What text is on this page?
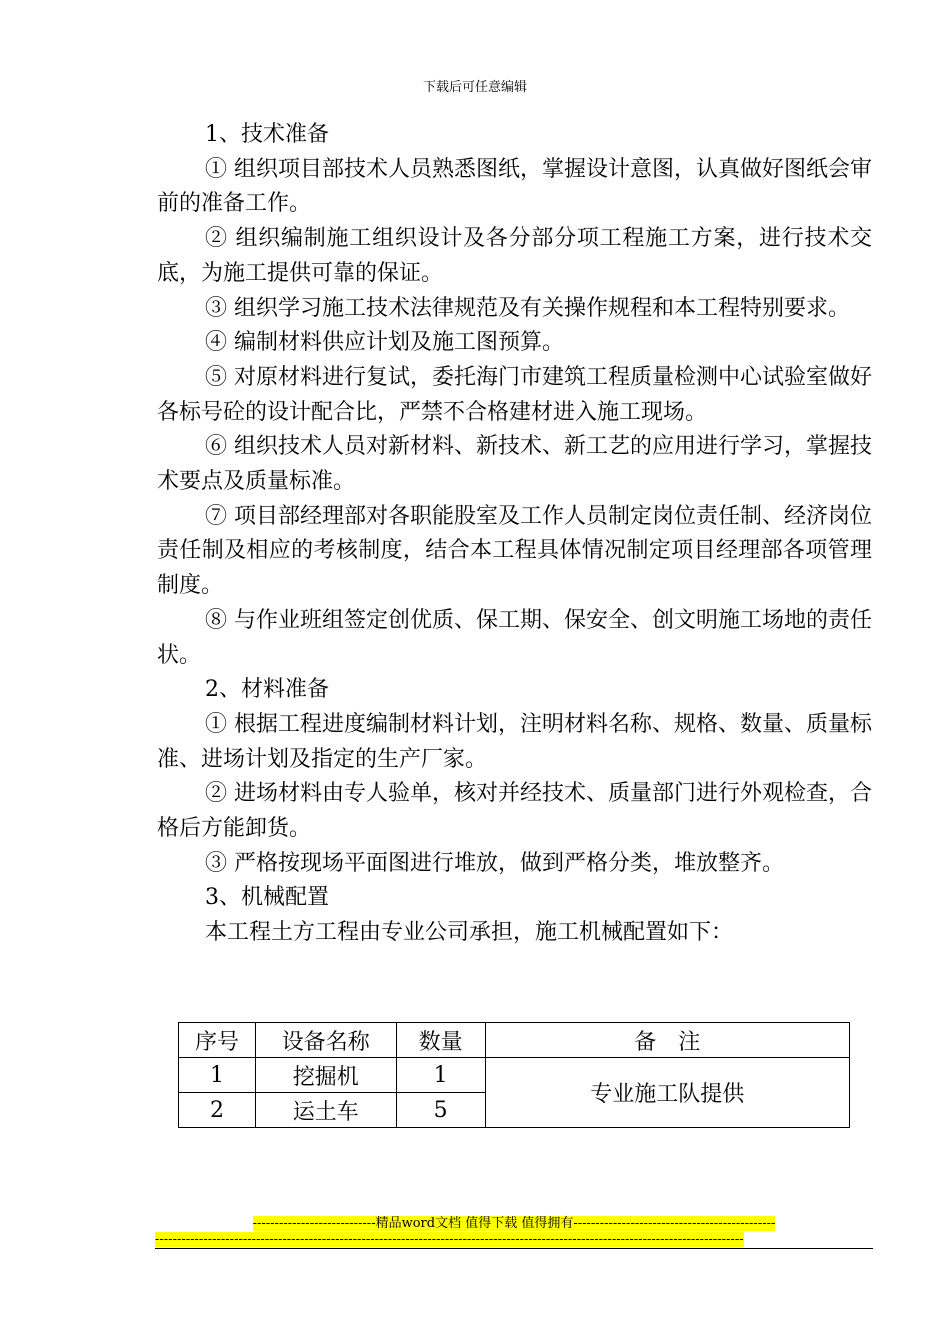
下载后可任意编辑

1、技术准备

① 组织项目部技术人员熟悉图纸，掌握设计意图，认真做好图纸会审前的准备工作。

② 组织编制施工组织设计及各分部分项工程施工方案，进行技术交底，为施工提供可靠的保证。

③ 组织学习施工技术法律规范及有关操作规程和本工程特别要求。

④ 编制材料供应计划及施工图预算。

⑤ 对原材料进行复试，委托海门市建筑工程质量检测中心试验室做好各标号砼的设计配合比，严禁不合格建材进入施工现场。

⑥ 组织技术人员对新材料、新技术、新工艺的应用进行学习，掌握技术要点及质量标准。

⑦ 项目部经理部对各职能股室及工作人员制定岗位责任制、经济岗位责任制及相应的考核制度，结合本工程具体情况制定项目经理部各项管理制度。

⑧ 与作业班组签定创优质、保工期、保安全、创文明施工场地的责任状。

2、材料准备

① 根据工程进度编制材料计划，注明材料名称、规格、数量、质量标准、进场计划及指定的生产厂家。

② 进场材料由专人验单，核对并经技术、质量部门进行外观检查，合格后方能卸货。

③ 严格按现场平面图进行堆放，做到严格分类，堆放整齐。

3、机械配置

本工程土方工程由专业公司承担，施工机械配置如下：

序号	设备名称	数量	备　注
1	挖掘机	1	专业施工队提供
2	运土车	5	
----------------------------精品word文档 值得下载 值得拥有----------------------------------------------
--------------------------------------------------------------------------------------------------------------------------------------
